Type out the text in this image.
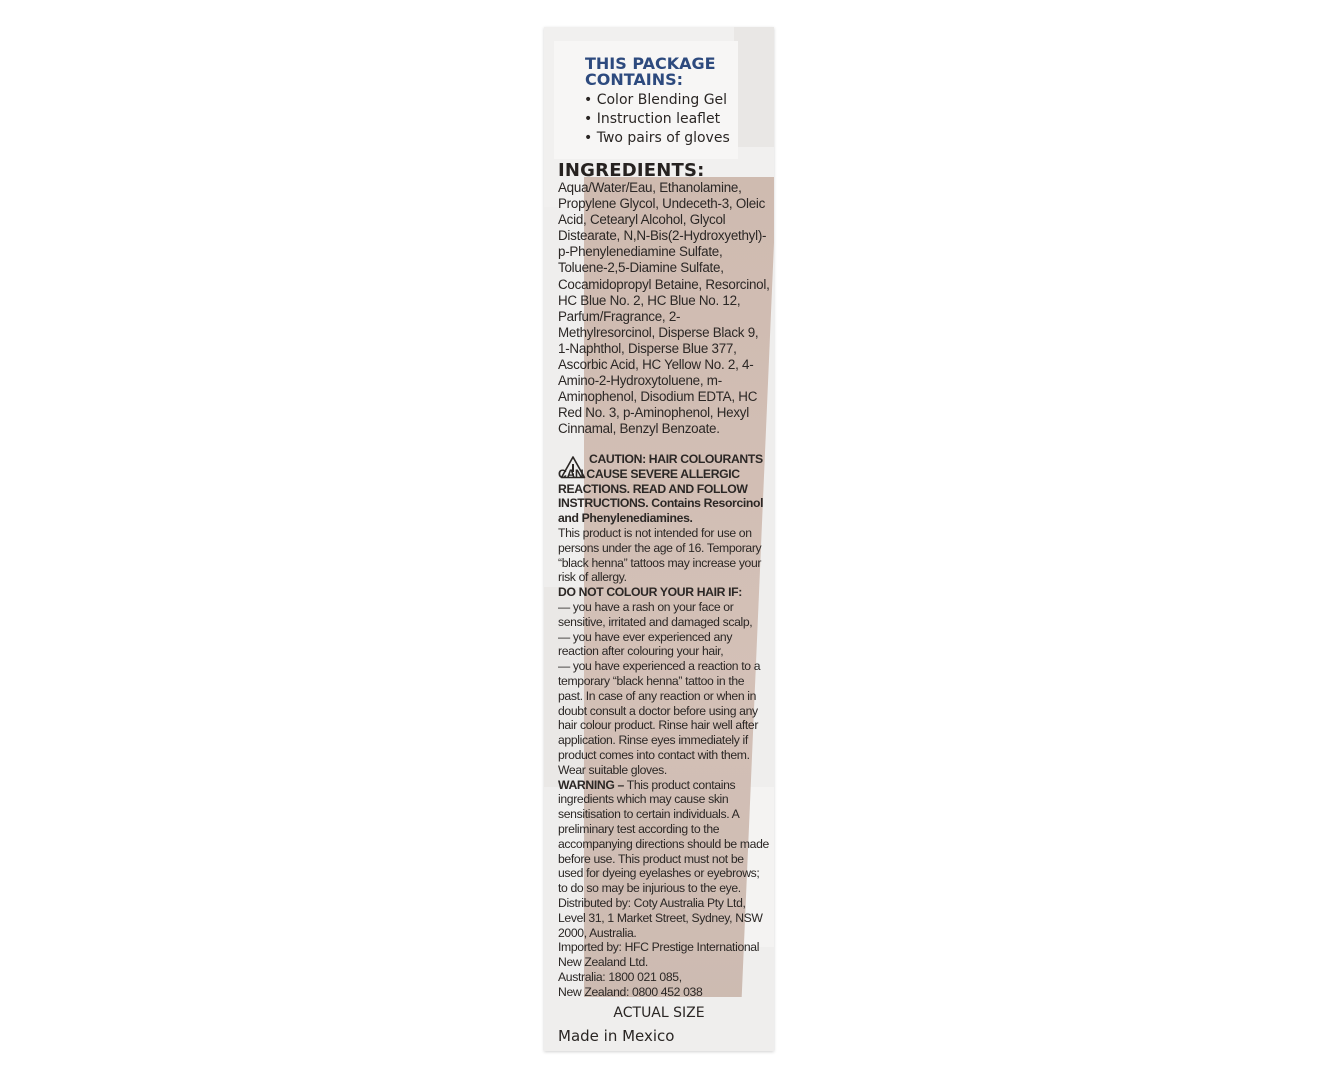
THIS PACKAGE
CONTAINS:
• Color Blending Gel
• Instruction leaflet
• Two pairs of gloves
INGREDIENTS:
Aqua/Water/Eau, Ethanolamine, Propylene Glycol, Undeceth-3, Oleic Acid, Cetearyl Alcohol, Glycol Distearate, N,N-Bis(2-Hydroxyethyl)-p-Phenylenediamine Sulfate, Toluene-2,5-Diamine Sulfate, Cocamidopropyl Betaine, Resorcinol, HC Blue No. 2, HC Blue No. 12, Parfum/Fragrance, 2-Methylresorcinol, Disperse Black 9, 1-Naphthol, Disperse Blue 377, Ascorbic Acid, HC Yellow No. 2, 4-Amino-2-Hydroxytoluene, m-Aminophenol, Disodium EDTA, HC Red No. 3, p-Aminophenol, Hexyl Cinnamal, Benzyl Benzoate.
CAUTION: HAIR COLOURANTS CAN CAUSE SEVERE ALLERGIC REACTIONS. READ AND FOLLOW INSTRUCTIONS. Contains Resorcinol and Phenylenediamines.
This product is not intended for use on persons under the age of 16. Temporary “black henna” tattoos may increase your risk of allergy.
DO NOT COLOUR YOUR HAIR IF:
— you have a rash on your face or sensitive, irritated and damaged scalp,
— you have ever experienced any reaction after colouring your hair,
— you have experienced a reaction to a temporary “black henna” tattoo in the past. In case of any reaction or when in doubt consult a doctor before using any hair colour product. Rinse hair well after application. Rinse eyes immediately if product comes into contact with them. Wear suitable gloves.
WARNING – This product contains ingredients which may cause skin sensitisation to certain individuals. A preliminary test according to the accompanying directions should be made before use. This product must not be used for dyeing eyelashes or eyebrows; to do so may be injurious to the eye.
Distributed by: Coty Australia Pty Ltd, Level 31, 1 Market Street, Sydney, NSW 2000, Australia.
Imported by: HFC Prestige International New Zealand Ltd.
Australia: 1800 021 085,
New Zealand: 0800 452 038
ACTUAL SIZE
Made in Mexico
